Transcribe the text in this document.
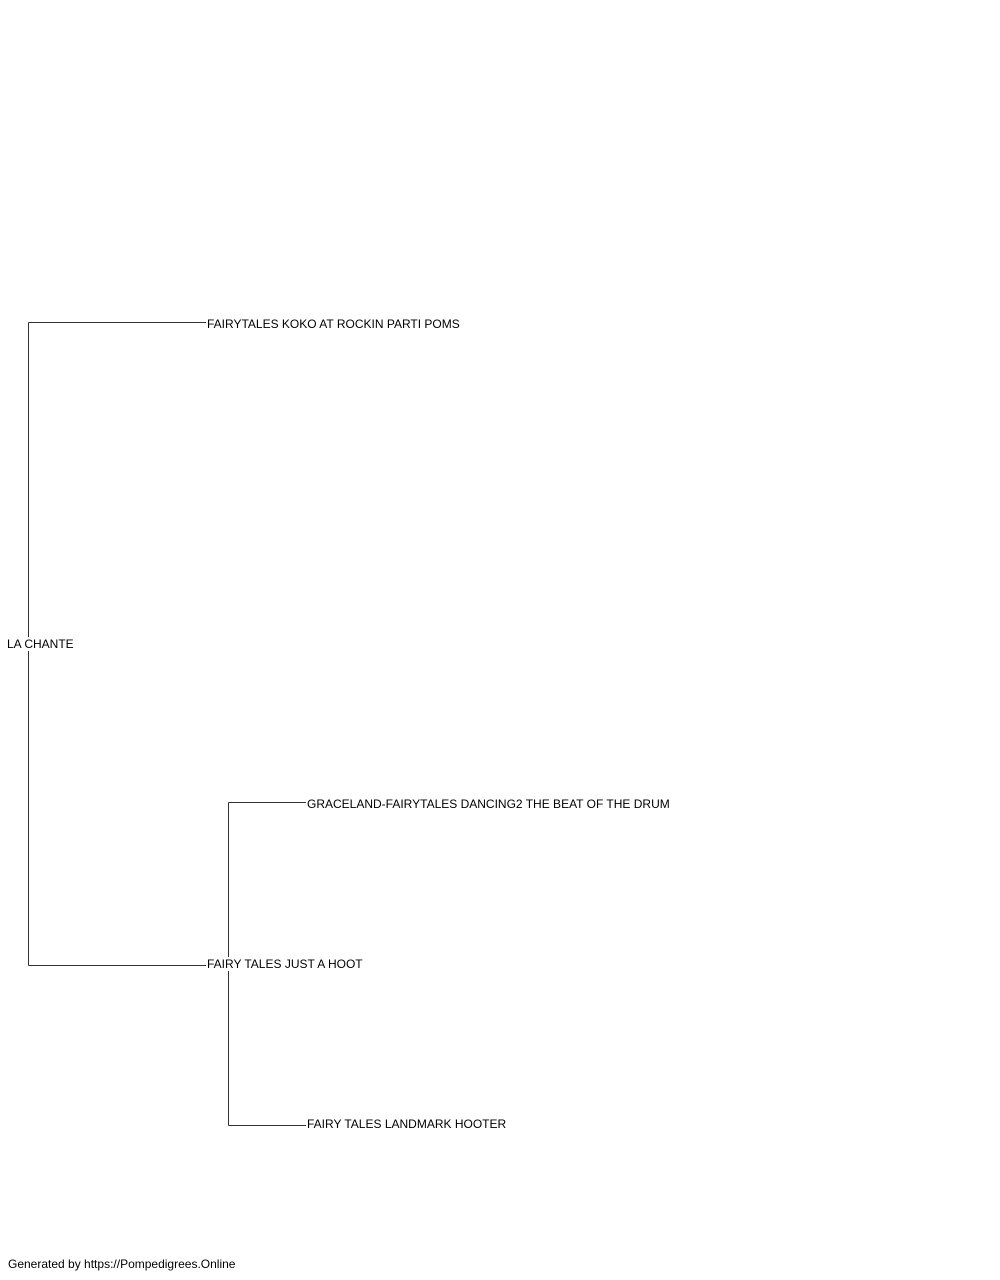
LA CHANTE
FAIRYTALES KOKO AT ROCKIN PARTI POMS
FAIRY TALES JUST A HOOT
GRACELAND-FAIRYTALES DANCING2 THE BEAT OF THE DRUM
FAIRY TALES LANDMARK HOOTER
Generated by https://Pompedigrees.Online
